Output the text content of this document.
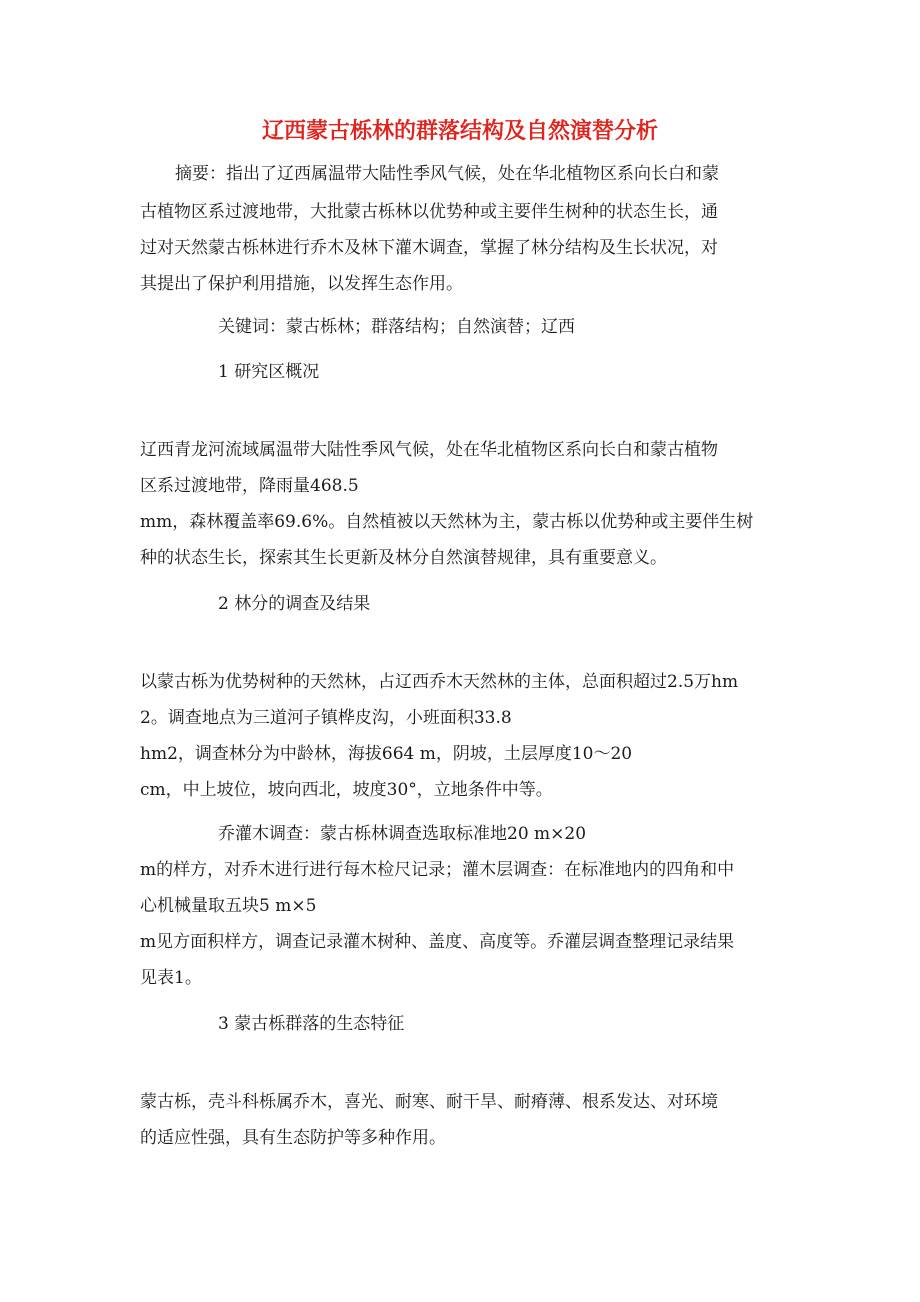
辽西蒙古栎林的群落结构及自然演替分析

摘要：指出了辽西属温带大陆性季风气候，处在华北植物区系向长白和蒙

古植物区系过渡地带，大批蒙古栎林以优势种或主要伴生树种的状态生长，通

过对天然蒙古栎林进行乔木及林下灌木调查，掌握了林分结构及生长状况，对

其提出了保护利用措施，以发挥生态作用。

关键词：蒙古栎林；群落结构；自然演替；辽西

1 研究区概况

辽西青龙河流域属温带大陆性季风气候，处在华北植物区系向长白和蒙古植物

区系过渡地带，降雨量468.5

mm，森林覆盖率69.6%。自然植被以天然林为主，蒙古栎以优势种或主要伴生树

种的状态生长，探索其生长更新及林分自然演替规律，具有重要意义。

2 林分的调查及结果

以蒙古栎为优势树种的天然林，占辽西乔木天然林的主体，总面积超过2.5万hm

2。调查地点为三道河子镇桦皮沟，小班面积33.8

hm2，调查林分为中龄林，海拔664 m，阴坡，土层厚度10～20

cm，中上坡位，坡向西北，坡度30°，立地条件中等。

乔灌木调查：蒙古栎林调查选取标准地20 m×20

m的样方，对乔木进行进行每木检尺记录；灌木层调查：在标准地内的四角和中

心机械量取五块5 m×5

m见方面积样方，调查记录灌木树种、盖度、高度等。乔灌层调查整理记录结果

见表1。

3 蒙古栎群落的生态特征

蒙古栎，壳斗科栎属乔木，喜光、耐寒、耐干旱、耐瘠薄、根系发达、对环境

的适应性强，具有生态防护等多种作用。
